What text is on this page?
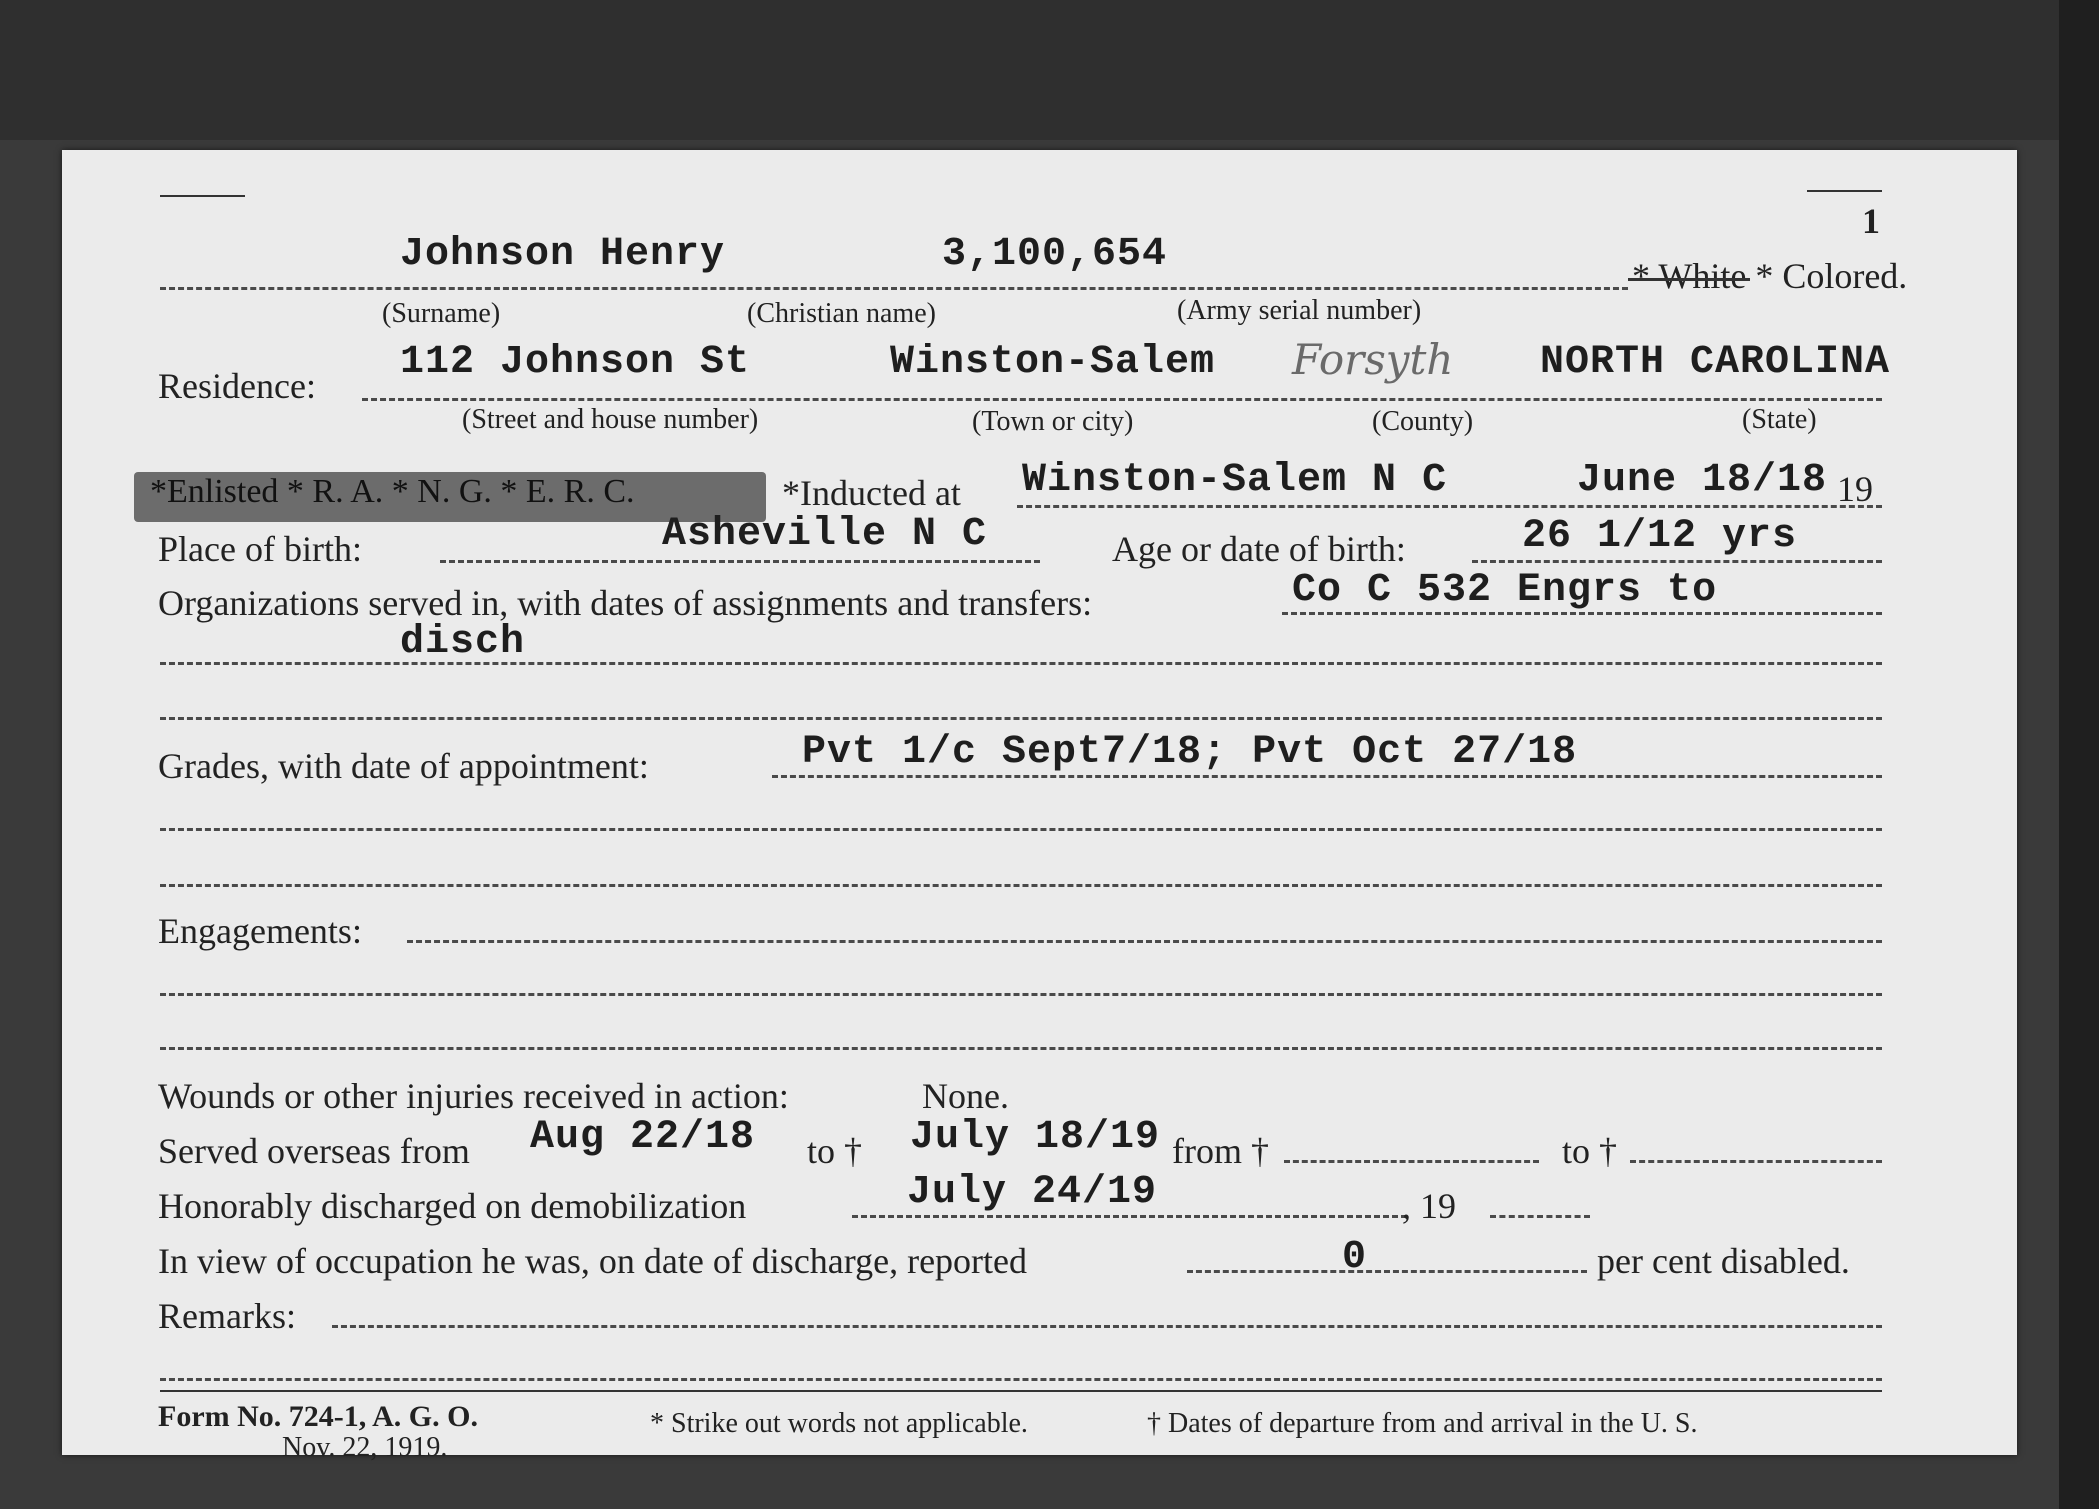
1
Johnson Henry	3,100,654	* White * Colored.
(Surname)	(Christian name)	(Army serial number)
Residence:
112 Johnson St	Winston-Salem Forsyth NORTH CAROLINA
(Street and house number)	(Town or city)	(County)	(State)
*Enlisted * R. A. * N. G. * E. R. C.	*Inducted at Winston-Salem N C	June 18/18 19
Place of birth:	Asheville N C	Age or date of birth:	26 1/12 yrs
Organizations served in, with dates of assignments and transfers:	Co C 532 Engrs to
disch
Grades, with date of appointment:	Pvt 1/c Sept7/18; Pvt Oct 27/18
Engagements:
Wounds or other injuries received in action:	None.
Served overseas from Aug 22/18 to † July 18/19 from †	to †
Honorably discharged on demobilization	July 24/19	, 19
In view of occupation he was, on date of discharge, reported	0	per cent disabled.
Remarks:
Form No. 724-1, A. G. O.
Nov. 22, 1919.
* Strike out words not applicable.	† Dates of departure from and arrival in the U. S.
